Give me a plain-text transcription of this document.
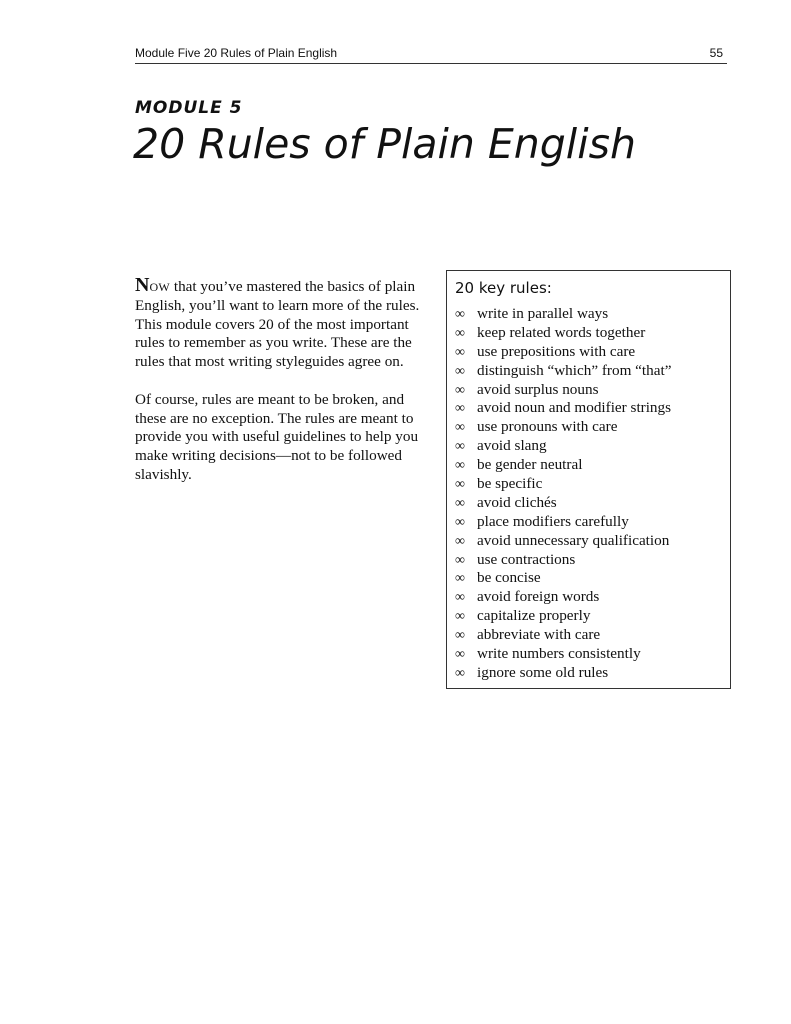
Module Five 20 Rules of Plain English	55
MODULE 5
20 Rules of Plain English

NOW that you’ve mastered the basics of plain English, you’ll want to learn more of the rules. This module covers 20 of the most important rules to remember as you write. These are the rules that most writing styleguides agree on.

Of course, rules are meant to be broken, and these are no exception. The rules are meant to provide you with useful guidelines to help you make writing decisions—not to be followed slavishly.

20 key rules:
∞ write in parallel ways
∞ keep related words together
∞ use prepositions with care
∞ distinguish “which” from “that”
∞ avoid surplus nouns
∞ avoid noun and modifier strings
∞ use pronouns with care
∞ avoid slang
∞ be gender neutral
∞ be specific
∞ avoid clichés
∞ place modifiers carefully
∞ avoid unnecessary qualification
∞ use contractions
∞ be concise
∞ avoid foreign words
∞ capitalize properly
∞ abbreviate with care
∞ write numbers consistently
∞ ignore some old rules
